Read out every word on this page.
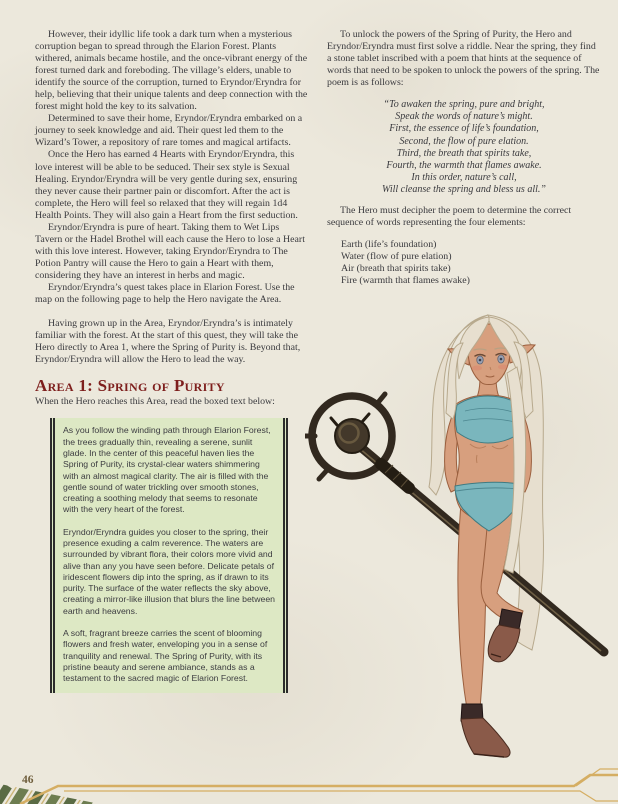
However, their idyllic life took a dark turn when a mysterious corruption began to spread through the Elarion Forest. Plants withered, animals became hostile, and the once-vibrant energy of the forest turned dark and foreboding. The village’s elders, unable to identify the source of the corruption, turned to Eryndor/Eryndra for help, believing that their unique talents and deep connection with the forest might hold the key to its salvation.

Determined to save their home, Eryndor/Eryndra embarked on a journey to seek knowledge and aid. Their quest led them to the Wizard’s Tower, a repository of rare tomes and magical artifacts.

Once the Hero has earned 4 Hearts with Eryndor/Eryndra, this love interest will be able to be seduced. Their sex style is Sexual Healing. Eryndor/Eryndra will be very gentle during sex, ensuring they never cause their partner pain or discomfort. After the act is complete, the Hero will feel so relaxed that they will regain 1d4 Health Points. They will also gain a Heart from the first seduction.

Eryndor/Eryndra is pure of heart. Taking them to Wet Lips Tavern or the Hadel Brothel will each cause the Hero to lose a Heart with this love interest. However, taking Eryndor/Eryndra to The Potion Pantry will cause the Hero to gain a Heart with them, considering they have an interest in herbs and magic.

Eryndor/Eryndra’s quest takes place in Elarion Forest. Use the map on the following page to help the Hero navigate the Area.

Having grown up in the Area, Eryndor/Eryndra’s is intimately familiar with the forest. At the start of this quest, they will take the Hero directly to Area 1, where the Spring of Purity is. Beyond that, Eryndor/Eryndra will allow the Hero to lead the way.

Area 1: Spring of Purity

When the Hero reaches this Area, read the boxed text below:

As you follow the winding path through Elarion Forest, the trees gradually thin, revealing a serene, sunlit glade. In the center of this peaceful haven lies the Spring of Purity, its crystal-clear waters shimmering with an almost magical clarity. The air is filled with the gentle sound of water trickling over smooth stones, creating a soothing melody that seems to resonate with the very heart of the forest.

Eryndor/Eryndra guides you closer to the spring, their presence exuding a calm reverence. The waters are surrounded by vibrant flora, their colors more vivid and alive than any you have seen before. Delicate petals of iridescent flowers dip into the spring, as if drawn to its purity. The surface of the water reflects the sky above, creating a mirror-like illusion that blurs the line between earth and heavens.

A soft, fragrant breeze carries the scent of blooming flowers and fresh water, enveloping you in a sense of tranquility and renewal. The Spring of Purity, with its pristine beauty and serene ambiance, stands as a testament to the sacred magic of Elarion Forest.

To unlock the powers of the Spring of Purity, the Hero and Eryndor/Eryndra must first solve a riddle. Near the spring, they find a stone tablet inscribed with a poem that hints at the sequence of words that need to be spoken to unlock the powers of the spring. The poem is as follows:

“To awaken the spring, pure and bright,
Speak the words of nature’s might.
First, the essence of life’s foundation,
Second, the flow of pure elation.
Third, the breath that spirits take,
Fourth, the warmth that flames awake.
In this order, nature’s call,
Will cleanse the spring and bless us all.”

The Hero must decipher the poem to determine the correct sequence of words representing the four elements:

Earth (life’s foundation)
Water (flow of pure elation)
Air (breath that spirits take)
Fire (warmth that flames awake)
46
